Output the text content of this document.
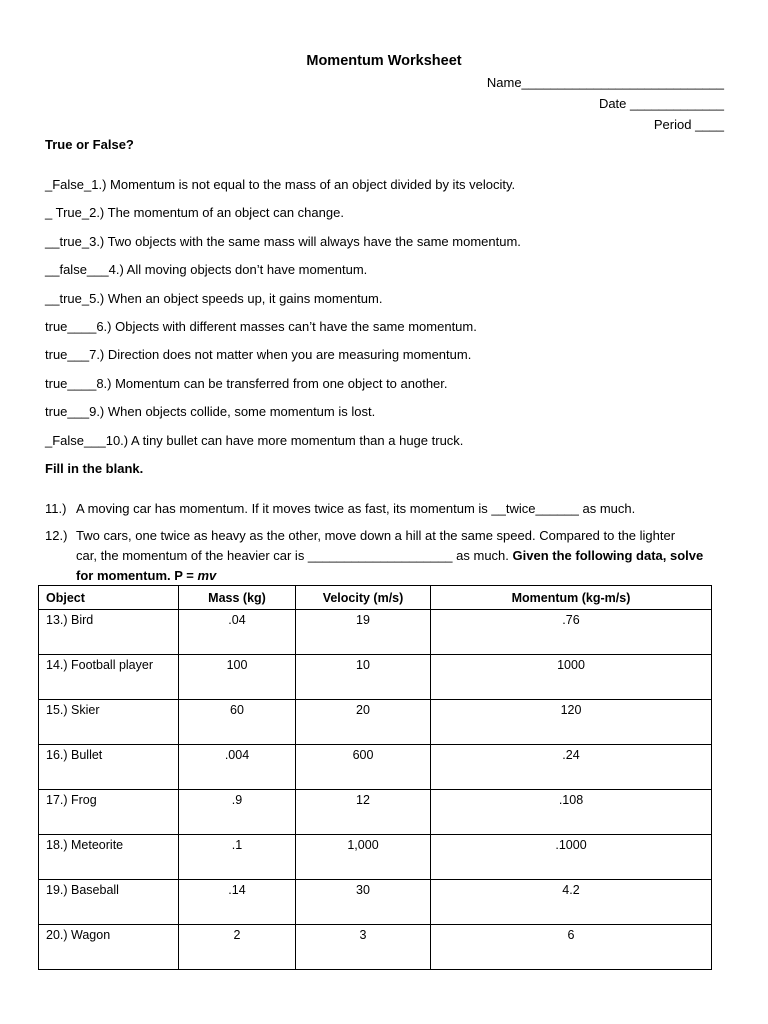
Momentum Worksheet
Name____________________________
Date _____________
Period ____
True or False?
_False_1.) Momentum is not equal to the mass of an object divided by its velocity.
_ True_2.) The momentum of an object can change.
__true_3.) Two objects with the same mass will always have the same momentum.
__false___4.) All moving objects don’t have momentum.
__true_5.) When an object speeds up, it gains momentum.
true____6.) Objects with different masses can’t have the same momentum.
true___7.) Direction does not matter when you are measuring momentum.
true____8.) Momentum can be transferred from one object to another.
true___9.) When objects collide, some momentum is lost.
_False___10.) A tiny bullet can have more momentum than a huge truck.
Fill in the blank.
11.) A moving car has momentum. If it moves twice as fast, its momentum is __twice______ as much.
12.) Two cars, one twice as heavy as the other, move down a hill at the same speed. Compared to the lighter
car, the momentum of the heavier car is ____________________ as much. Given the following data, solve
for momentum. P = mv
Object	Mass (kg)	Velocity (m/s)	Momentum (kg-m/s)
13.) Bird	.04	19	.76
14.) Football player	100	10	1000
15.) Skier	60	20	120
16.) Bullet	.004	600	.24
17.) Frog	.9	12	.108
18.) Meteorite	.1	1,000	.1000
19.) Baseball	.14	30	4.2
20.) Wagon	2	3	6
